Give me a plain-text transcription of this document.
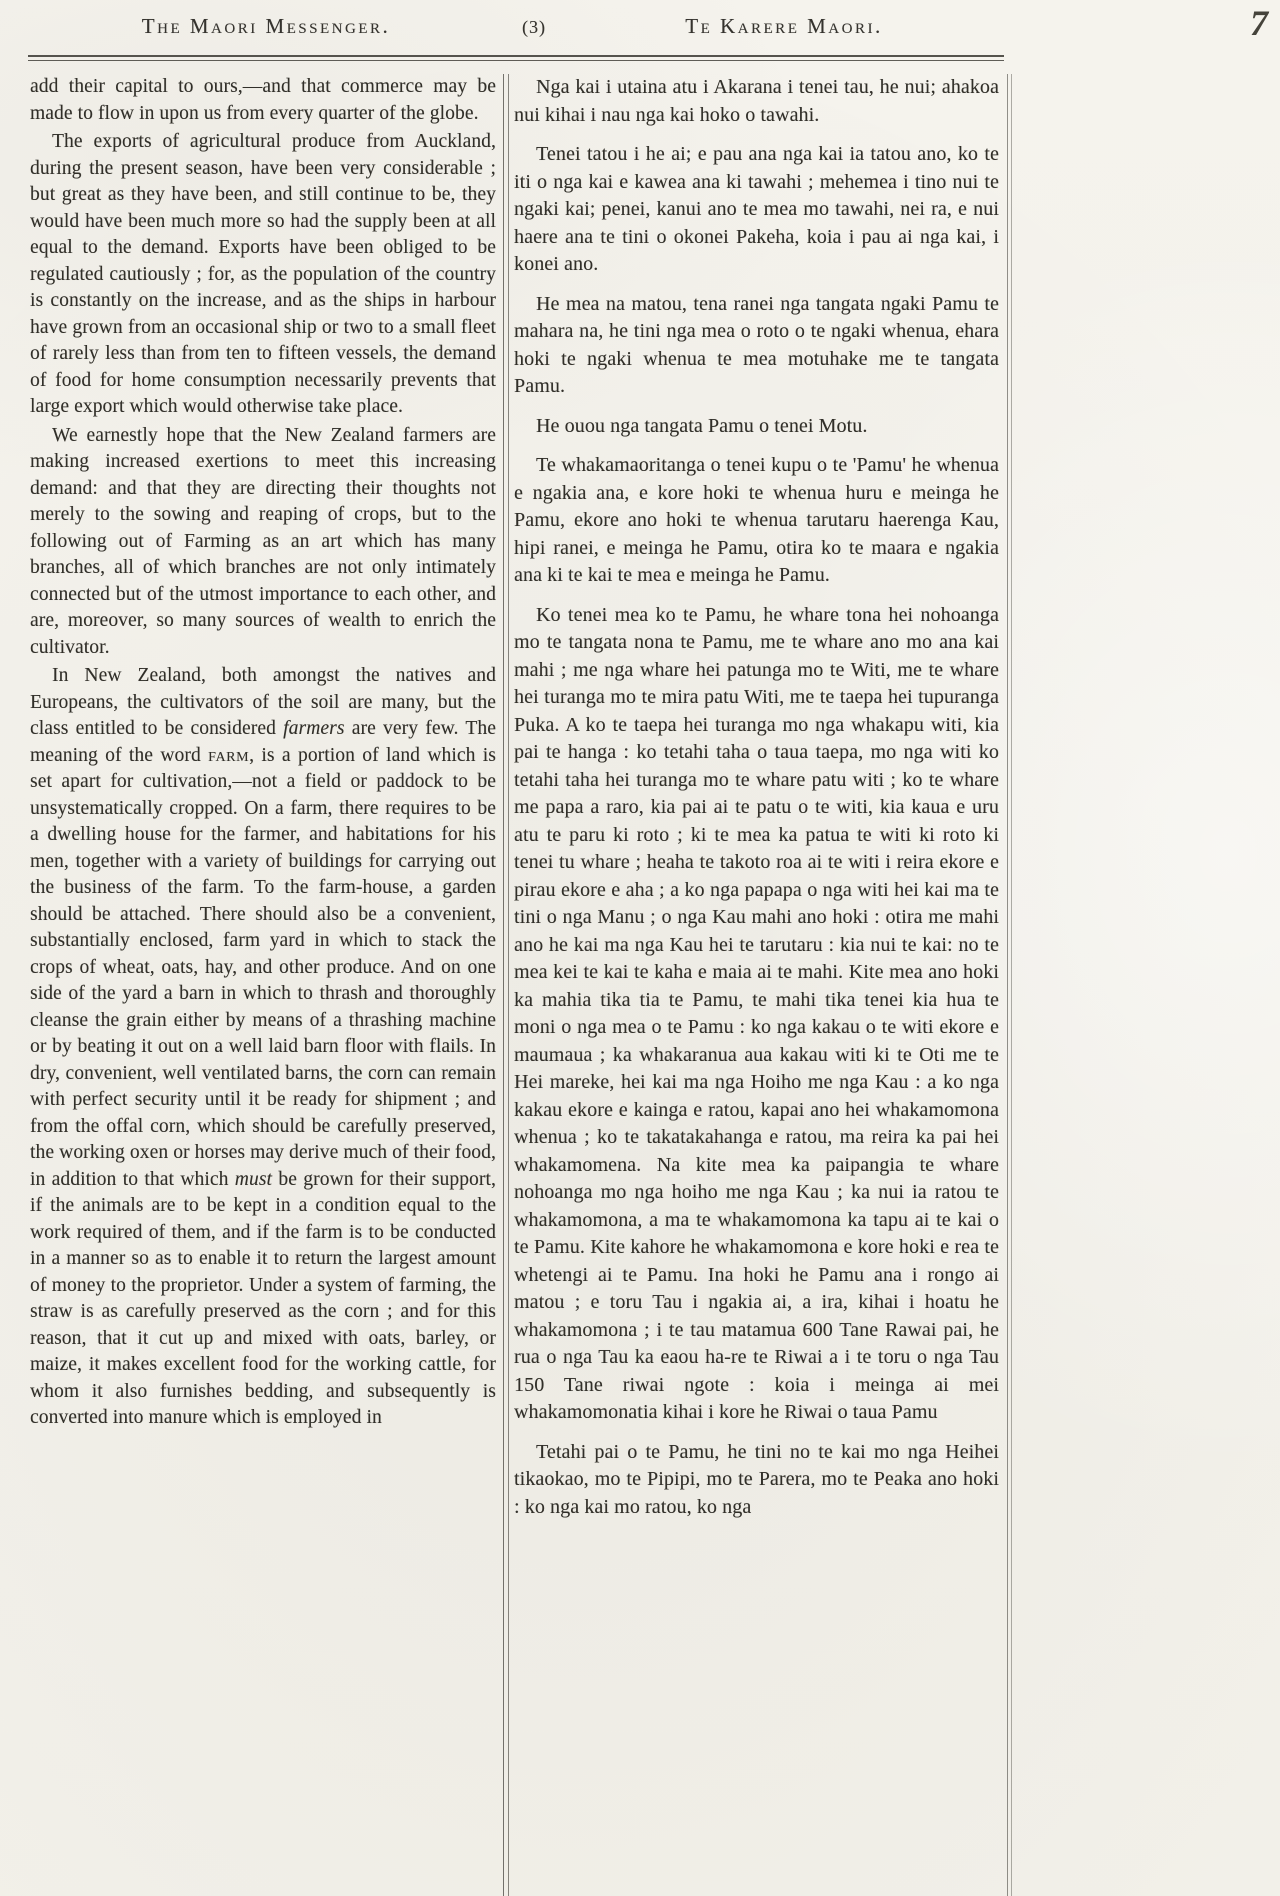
7
The Maori Messenger.	(3)	Te Karere Maori.

add their capital to ours,—and that commerce may be made to flow in upon us from every quarter of the globe.

The exports of agricultural produce from Auckland, during the present season, have been very considerable ; but great as they have been, and still continue to be, they would have been much more so had the supply been at all equal to the demand. Exports have been obliged to be regulated cautiously ; for, as the population of the country is constantly on the increase, and as the ships in harbour have grown from an occasional ship or two to a small fleet of rarely less than from ten to fifteen vessels, the demand of food for home consumption necessarily prevents that large export which would otherwise take place.

We earnestly hope that the New Zealand farmers are making increased exertions to meet this increasing demand: and that they are directing their thoughts not merely to the sowing and reaping of crops, but to the following out of Farming as an art which has many branches, all of which branches are not only intimately connected but of the utmost importance to each other, and are, moreover, so many sources of wealth to enrich the cultivator.

In New Zealand, both amongst the natives and Europeans, the cultivators of the soil are many, but the class entitled to be considered farmers are very few. The meaning of the word farm, is a portion of land which is set apart for cultivation,—not a field or paddock to be unsystematically cropped. On a farm, there requires to be a dwelling house for the farmer, and habitations for his men, together with a variety of buildings for carrying out the business of the farm. To the farm-house, a garden should be attached. There should also be a convenient, substantially enclosed, farm yard in which to stack the crops of wheat, oats, hay, and other produce. And on one side of the yard a barn in which to thrash and thoroughly cleanse the grain either by means of a thrashing machine or by beating it out on a well laid barn floor with flails. In dry, convenient, well ventilated barns, the corn can remain with perfect security until it be ready for shipment ; and from the offal corn, which should be carefully preserved, the working oxen or horses may derive much of their food, in addition to that which must be grown for their support, if the animals are to be kept in a condition equal to the work required of them, and if the farm is to be conducted in a manner so as to enable it to return the largest amount of money to the proprietor. Under a system of farming, the straw is as carefully preserved as the corn ; and for this reason, that it cut up and mixed with oats, barley, or maize, it makes excellent food for the working cattle, for whom it also furnishes bedding, and subsequently is converted into manure which is employed in

Nga kai i utaina atu i Akarana i tenei tau, he nui; ahakoa nui kihai i nau nga kai hoko o tawahi.

Tenei tatou i he ai; e pau ana nga kai ia tatou ano, ko te iti o nga kai e kawea ana ki tawahi ; mehemea i tino nui te ngaki kai; penei, kanui ano te mea mo tawahi, nei ra, e nui haere ana te tini o okonei Pakeha, koia i pau ai nga kai, i konei ano.

He mea na matou, tena ranei nga tangata ngaki Pamu te mahara na, he tini nga mea o roto o te ngaki whenua, ehara hoki te ngaki whenua te mea motuhake me te tangata Pamu.

He ouou nga tangata Pamu o tenei Motu.

Te whakamaoritanga o tenei kupu o te 'Pamu' he whenua e ngakia ana, e kore hoki te whenua huru e meinga he Pamu, ekore ano hoki te whenua tarutaru haerenga Kau, hipi ranei, e meinga he Pamu, otira ko te maara e ngakia ana ki te kai te mea e meinga he Pamu.

Ko tenei mea ko te Pamu, he whare tona hei nohoanga mo te tangata nona te Pamu, me te whare ano mo ana kai mahi ; me nga whare hei patunga mo te Witi, me te whare hei turanga mo te mira patu Witi, me te taepa hei tupuranga Puka. A ko te taepa hei turanga mo nga whakapu witi, kia pai te hanga : ko tetahi taha o taua taepa, mo nga witi ko tetahi taha hei turanga mo te whare patu witi ; ko te whare me papa a raro, kia pai ai te patu o te witi, kia kaua e uru atu te paru ki roto ; ki te mea ka patua te witi ki roto ki tenei tu whare ; heaha te takoto roa ai te witi i reira ekore e pirau ekore e aha ; a ko nga papapa o nga witi hei kai ma te tini o nga Manu ; o nga Kau mahi ano hoki : otira me mahi ano he kai ma nga Kau hei te tarutaru : kia nui te kai: no te mea kei te kai te kaha e maia ai te mahi. Kite mea ano hoki ka mahia tika tia te Pamu, te mahi tika tenei kia hua te moni o nga mea o te Pamu : ko nga kakau o te witi ekore e maumaua ; ka whakaranua aua kakau witi ki te Oti me te Hei mareke, hei kai ma nga Hoiho me nga Kau : a ko nga kakau ekore e kainga e ratou, kapai ano hei whakamomona whenua ; ko te takatakahanga e ratou, ma reira ka pai hei whakamomena. Na kite mea ka paipangia te whare nohoanga mo nga hoiho me nga Kau ; ka nui ia ratou te whakamomona, a ma te whakamomona ka tapu ai te kai o te Pamu. Kite kahore he whakamomona e kore hoki e rea te whetengi ai te Pamu. Ina hoki he Pamu ana i rongo ai matou ; e toru Tau i ngakia ai, a ira, kihai i hoatu he whakamomona ; i te tau matamua 600 Tane Rawai pai, he rua o nga Tau ka eaou ha-re te Riwai a i te toru o nga Tau 150 Tane riwai ngote : koia i meinga ai mei whakamomonatia kihai i kore he Riwai o taua Pamu

Tetahi pai o te Pamu, he tini no te kai mo nga Heihei tikaokao, mo te Pipipi, mo te Parera, mo te Peaka ano hoki : ko nga kai mo ratou, ko nga
